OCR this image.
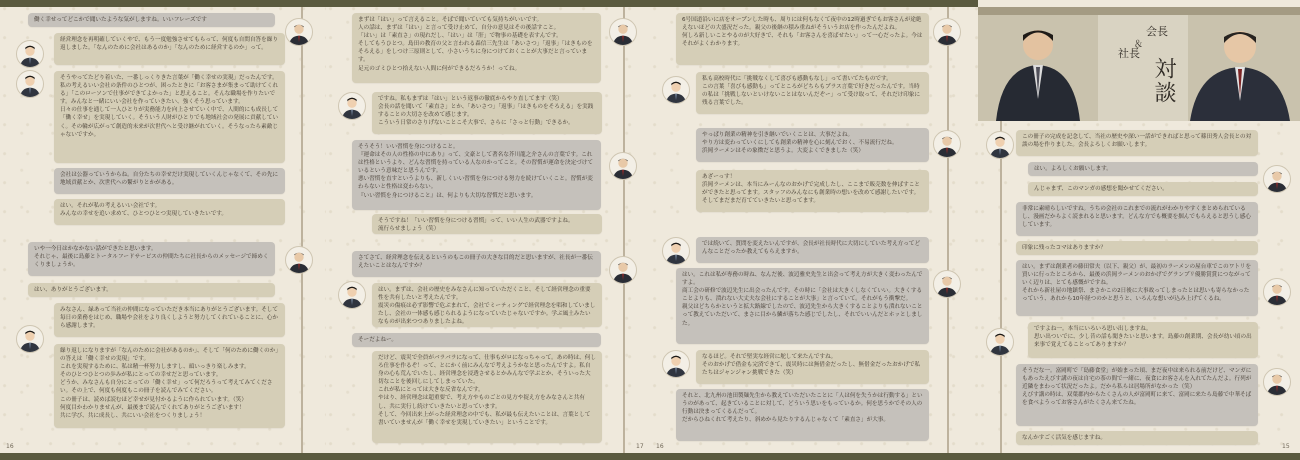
働く幸せってどこかで聞いたような気がしますね。いいフレーズです
経営理念を再明確していくやで、もう一度勉強させてもらって、何度も自問自答を繰り返しました。「なんのために会社はあるのか」「なんのために経営するのか」って。
そうやってたどり着いた、一番しっくりきた言葉が「働く幸せの実現」だったんです。私の考えるいい会社の条件のひとつが、困ったときに「お客さまが集まって助けてくれる」「このローソンで仕事ができてよかった」と思えること。そんな職場を作りたいです。みんなと一緒にいい会社を作っていきたい、強くそう思っています。
日々の仕事を通して一人ひとりが実務能力を向上させていく中で、人間的にも成長して「働く幸せ」を実現していく。そういう人財がひとりでも地域社会の発展に貢献していく。その輪が広がって創造的未来が次世代へと受け継がれていく。そうなったら素敵じゃないですか。
会社は公器っていうからね。自分たちの幸せだけ実現していくんじゃなくて、その先に地域貢献とか、次世代への繋がりとかがある。
はい。それが私の考えるいい会社です。
みんなの幸せを追い求めて、ひとつひとつ実現していきたいです。
いや一今日はかなかない話ができたと思います。
それじゃ、最後に島藤とトータルフードサービスの仲間たちに社長からのメッセージで締めくくりましょうか。
はい、ありがとうございます。
みなさん、緑あって当社の仲間になっていただき本当にありがとうございます。そして毎日の業務をはじめ、職場や会社をより良くしようと努力してくれていることに、心から感謝します。
繰り返しになりますが「なんのために会社があるのか」、そして「何のために働くのか」の答えは「働く幸せの実現」です。
これを実現するために、私は精一杯努力しますし、頭いっきり楽しみます。
そのひとつひとつの歩みが私にとっての幸せだと思っています。
どうか、みなさんも自分にとっての「働く幸せ」って何だろうって考えてみてください。その上で、何度も何度もこの冊子を読んでみてください。
この冊子は、読めば読むほど幸せが見付かるように作られています。（笑）
何度目かわかりませんが、最後まで読んでくれてありがとうございます！
共に学び、共に成長し、共にいい会社をつくりましょう！
16
まずは「はい」って言えること。そばで聞いていても気持ちがいいです。
人の話は、まずは「はい」と言って受け止めて、自分の意見はその後話すこと。
「はい」は「素直さ」の現れだし、「はい」は「肝」で物事の基礎を表すんです。
そしてもうひとつ。島田の教育の父と言われる森信三先生は「あいさつ」「返事」「はきものをそろえる」をしつけ三原則として、小さいうちに身につけておくことが大事だと言っています。
足元のゴミひとつ拾えない人間に何ができるだろうか！ってね。
ですね。私もまずは「はい」という返事の徹底からやり直してます（笑）
会長の話を聞いて「素直さ」とか、「あいさつ」「返事」「はきものをそろえる」を実践することの大切さを改めて感じます。
こういう日常のさりげないことこそ大事で、さらに「さっと行動」できるか。
そうそう！いい習慣を身につけること。
『運命はその人の性格の中にあり』って、文豪として著名な芥川龍之介さんの言葉です。これは性格というより、どんな習慣を持っている人なのかってこと。その習慣が運命を決定づけているという意味だと思うんです。
悪い習慣を直すというよりも、新しくいい習慣を身につける努力を続けていくこと。習慣が変わらないと性格は変わらない。
『いい習慣を身につけること』は、何よりも大切な習慣だと思います。
そうですね！「いい習慣を身につける習慣」って、いい人生の武器ですよね。
流行らせましょう（笑）
さてさて、経営理念を伝えるというのもこの冊子の大きな目的だと思いますが、社長が一番伝えたいことはなんですか？
はい。まずは、会社の歴史をみなさんに知っていただくこと、そして経営理念の重要性を共有したいと考えたんです。
震災の傷痕は必ず影響で危ぶまれて、会社でミーティングで経営理念を唱和していましたし、会社の一体感も感じられるようになっていたじゃないですか。学ぶ風土みたいなものが出来つつありましたよね。
そーだよねー。
だけど、震災で全員がバラバラになって、仕事もがロになっちゃって。あの時は、何しろ仕事を作るぞ！って、とにかく前にみんなで考えようかなと思ったんですよ。私自身の心も荒んでいたし、経営理念を浸透させるとかみんなで学ぶとか、そういった大切なことを後回しにしてしまっていた。
これが私にとっては大きな反省なんです。
やはり、経営理念は超重要で、考え方やものごとの見方や捉え方をみなさんと共有し、共に実行し続けていきたいと思っています。
そして、今回出来上がった経営理念の中でも、私が最も伝えたいことは、言葉として書いていませんが「働く幸せを実現していきたい」ということです。
17
6号国道沿いに店をオープンした時も、周りには何もなくて夜中の12時過ぎでもお客さんが途絶えないほどの大盛況だった。親父の後継の積み重ねがそういうお店を作ったんだよね。
何しろ新しいことやるのが大好きで、それも「お客さんを喜ばせたい」って一心だったよ。今はそれがよくわかります。
私も高校時代に「挑戦なくして喜びも感動もなし」って書いてたものです。
この言葉「喜びも感動も」ってところがどちらもプラス言葉で好きだったんです。当時の私は「挑戦しないといけないことはないんだぞー」って受け取って、それだけ印象に残る言葉でした。
やっぱり創業の精神を引き継いでいくことは、大事だよね。
やり方は変わっていくにしても創業の精神を心に刻んでおく、不易流行だね。
浜岡ラーメンはその象徴だと思うよ。大変よくできました（笑）
あざーっす！
浜岡ラーメンは、本当にみーんなのおかげで完成したし、ここまで販売数を伸ばすことができたと思ってます。スタッフのみんなにも創業時の想いを改めて感謝したいです。そしてまだまだ育てていきたいと思ってます。
では続いて、質問を変えたいんですが、会長が社長時代に大切にしていた考え方ってどんなことだったか教えてもらえますか。
はい。これは私が専務の時ね、なんだ後、波辺雅史先生と出会って考え方が大きく変わったんですよ。
商工会の研修で波辺先生に出会ったんです。その時に「会社は大きくしなくていい。大きくすることよりも、潰れない大丈夫な会社にすることが大事」と言っていて。それがもう衝撃だ。
親父はどちらかというと拡大路線でしたので、波辺先生から大きくすることよりも潰れないことって教えていただいて、まさに目から鱗が落ちた感じでしたし、それでいいんだとホッとしました。
なるほど。それで堅実な経営に舵して来たんですね。
そのおかげで借金も完済できて、震災時には無借金だったし、無借金だったおかげで私たちはジャンジャン挑戦できた（笑）
それと、北九州の池田製麺先生から教えていただいたことに「人は何を失うかは行動する」というのがあって、起きていることに対して、どういう思いをもっているか。何を思うかでその人の行動は決まってくるんだって。
だからひねくれて考えたり、斜めから見たりするんじゃなくて「素直さ」が大事。
16
この冊子の完成を記念して、当社の歴史や深い一話ができればと思って篠田秀人会長との対談の場を作りました。会長よろしくお願いします。
はい。よろしくお願いします。
んじゃまず、このマンガの感想を聞かせてください。
非常に素晴らしいですね。うちの会社のこれまでの流れがわかりやすくまとめられているし、漫画だからよく読まれると思います。どんな方でも概要を掴んでもらえると思うし感心しています。
印象に残ったコマはありますか？
はい。まずは創業者の藤田常夫（以下、親父）が、最初のラーメンの屋台車でこのワトリを買いに行ったところから、最後の浜岡ラーメンのおかげでグランプリ優勝賞賞につながっていく辺りは、とても感慨がですね。
それから新社屋の地鎮祭、まさかこの2日後に大事故ってしまったとは思いも寄らなかったっていう、あれから10年経つのかと思うと、いろんな想いが込み上げてくるね。
ですよね一。本当にいろいろ思い出しますね。
思い出ついでに、少し昔の話も聞きたいと思います。島藤の創業期、会長が幼い頃の出来事で覚えてることってありますか？
そうだな一。富岡町で「島藤食堂」が始まった頃、まだ夜中は来られる前だけど、マンガにもあったえびす講の夜は自宅の茶の間で一緒に、夜食にお客さんを入れてたんだよ。行列が近隣をまわって状況だったよ。だから私らは居場所がなかった（笑）
えびす講の時は、双葉郡内からたくさんの人が富岡町に来て、富岡に来たら島藤で中華そばを食べようってお客さんがたくさん来てたね。
なんかすごく活気を感じますね。
15
会長
＆
社長
対談
